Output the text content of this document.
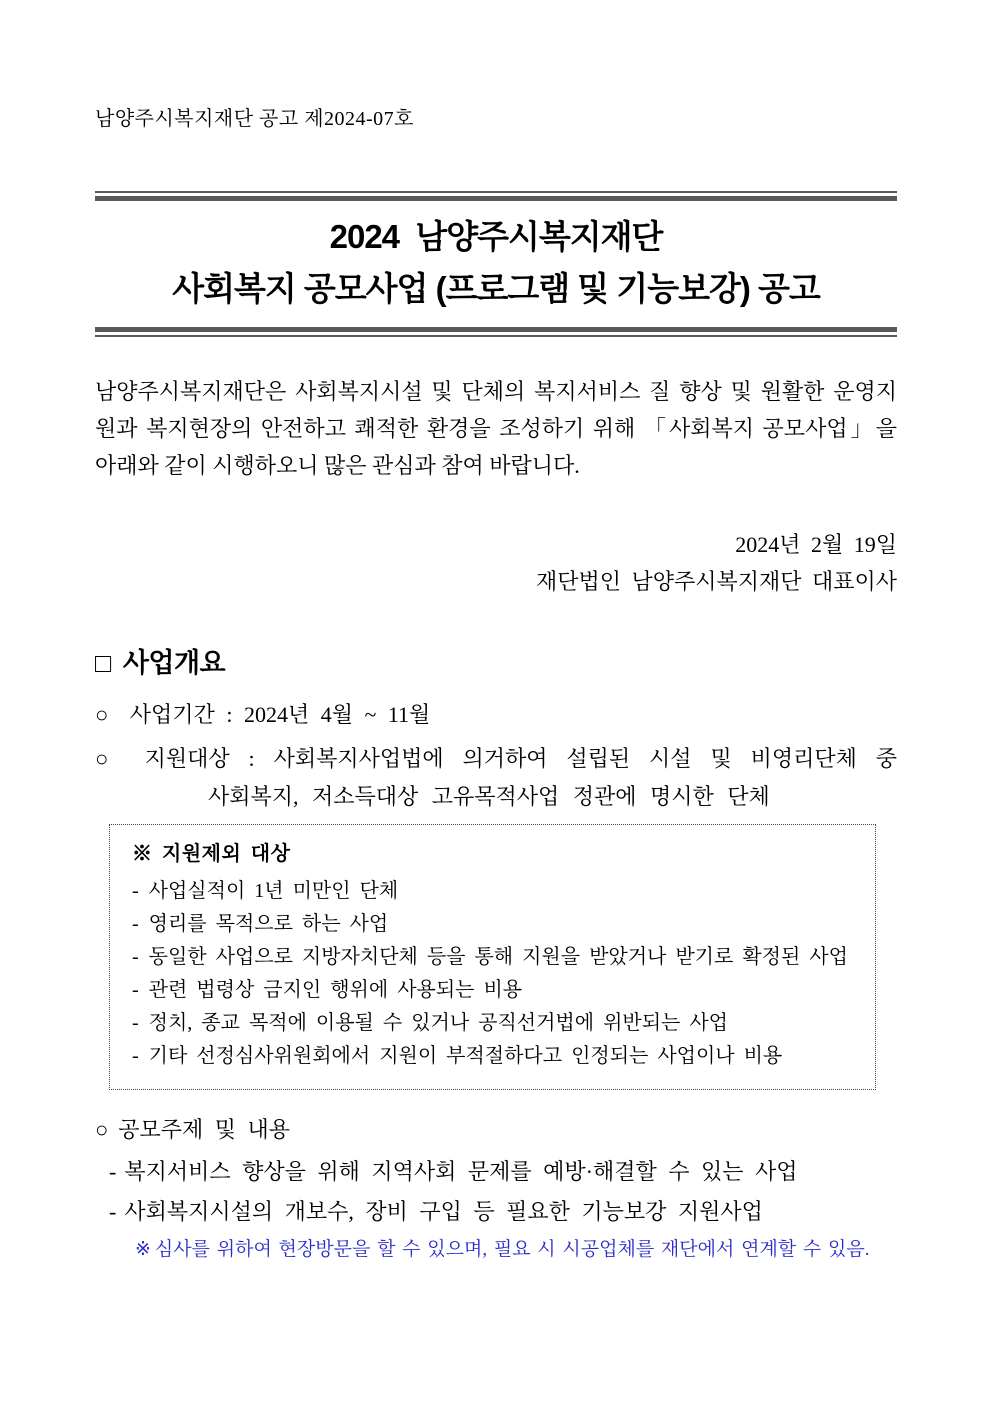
남양주시복지재단 공고 제2024-07호
2024  남양주시복지재단
사회복지 공모사업 (프로그램 및 기능보강) 공고
남양주시복지재단은 사회복지시설 및 단체의 복지서비스 질 향상 및 원활한 운영지
원과 복지현장의 안전하고 쾌적한 환경을 조성하기 위해 「사회복지 공모사업」을
아래와 같이 시행하오니 많은 관심과 참여 바랍니다.
2024년 2월 19일
재단법인 남양주시복지재단 대표이사
□ 사업개요
○ 사업기간 : 2024년 4월 ~ 11월
○ 지원대상 : 사회복지사업법에 의거하여 설립된 시설 및 비영리단체 중
사회복지, 저소득대상 고유목적사업 정관에 명시한 단체
※ 지원제외 대상
- 사업실적이 1년 미만인 단체
- 영리를 목적으로 하는 사업
- 동일한 사업으로 지방자치단체 등을 통해 지원을 받았거나 받기로 확정된 사업
- 관련 법령상 금지인 행위에 사용되는 비용
- 정치, 종교 목적에 이용될 수 있거나 공직선거법에 위반되는 사업
- 기타 선정심사위원회에서 지원이 부적절하다고 인정되는 사업이나 비용
○ 공모주제 및 내용
- 복지서비스 향상을 위해 지역사회 문제를 예방·해결할 수 있는 사업
- 사회복지시설의 개보수, 장비 구입 등 필요한 기능보강 지원사업
※ 심사를 위하여 현장방문을 할 수 있으며, 필요 시 시공업체를 재단에서 연계할 수 있음.
